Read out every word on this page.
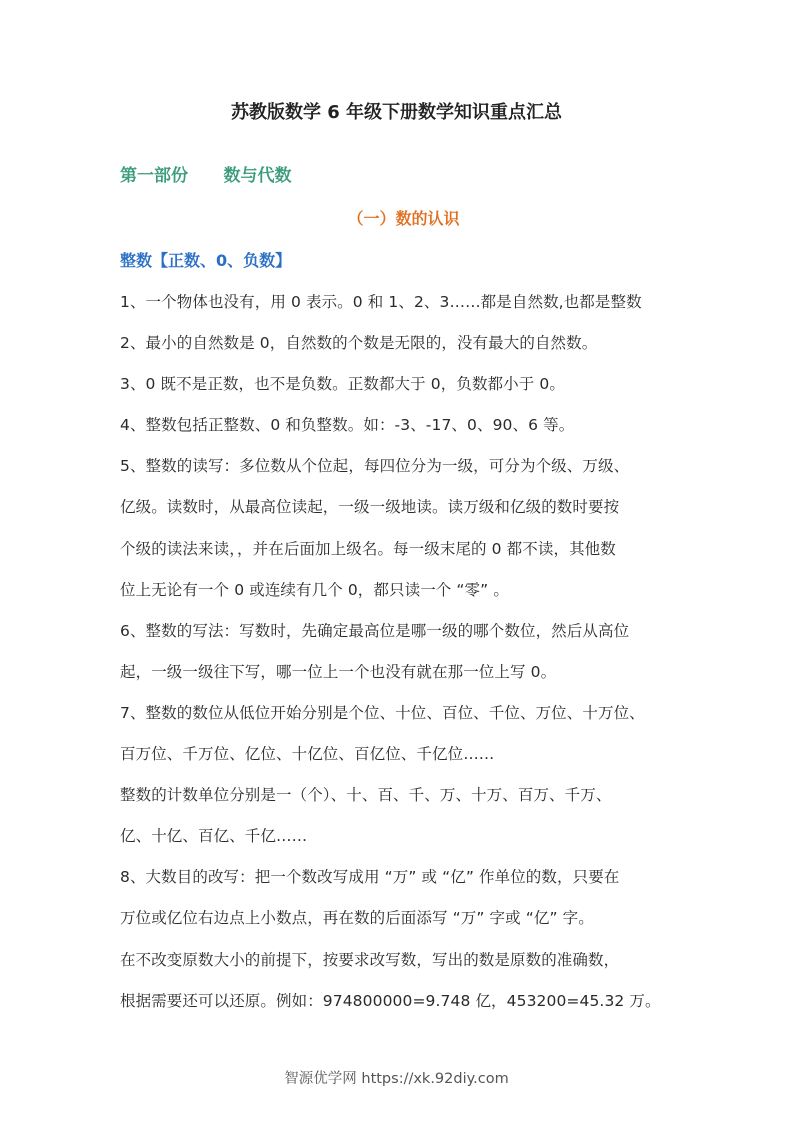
苏教版数学 6 年级下册数学知识重点汇总
第一部份      数与代数
（一）数的认识
整数【正数、0、负数】
1、一个物体也没有，用 0 表示。0 和 1、2、3……都是自然数,也都是整数
2、最小的自然数是 0，自然数的个数是无限的，没有最大的自然数。
3、0 既不是正数，也不是负数。正数都大于 0，负数都小于 0。
4、整数包括正整数、0 和负整数。如：-3、-17、0、90、6 等。
5、整数的读写：多位数从个位起，每四位分为一级，可分为个级、万级、
亿级。读数时，从最高位读起，一级一级地读。读万级和亿级的数时要按
个级的读法来读，，并在后面加上级名。每一级末尾的 0 都不读，其他数
位上无论有一个 0 或连续有几个 0，都只读一个 “零” 。
6、整数的写法：写数时，先确定最高位是哪一级的哪个数位，然后从高位
起，一级一级往下写，哪一位上一个也没有就在那一位上写 0。
7、整数的数位从低位开始分别是个位、十位、百位、千位、万位、十万位、
百万位、千万位、亿位、十亿位、百亿位、千亿位……
整数的计数单位分别是一（个）、十、百、千、万、十万、百万、千万、
亿、十亿、百亿、千亿……
8、大数目的改写：把一个数改写成用 “万” 或 “亿” 作单位的数，只要在
万位或亿位右边点上小数点，再在数的后面添写 “万” 字或 “亿” 字。
在不改变原数大小的前提下，按要求改写数，写出的数是原数的准确数，
根据需要还可以还原。例如：974800000=9.748 亿，453200=45.32 万。
智源优学网 https://xk.92diy.com
